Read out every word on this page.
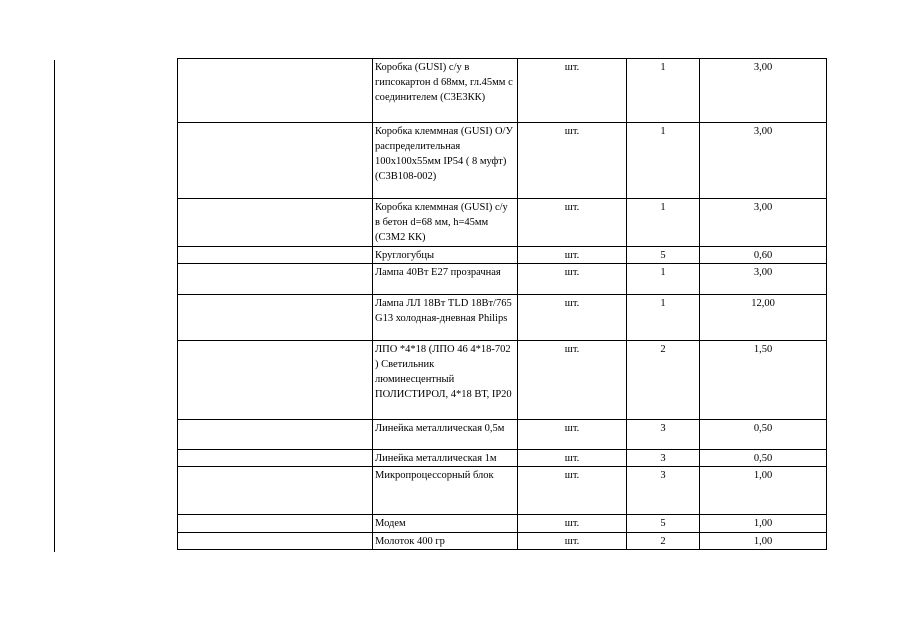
	Коробка (GUSI) с/у в гипсокартон d 68мм, гл.45мм с соединителем (С3Е3КК)	шт.	1	3,00
	Коробка клеммная (GUSI) О/У распределительная 100х100х55мм IP54 ( 8 муфт) (С3В108-002)	шт.	1	3,00
	Коробка клеммная (GUSI) с/у в бетон d=68 мм, h=45мм (С3М2 КК)	шт.	1	3,00
	Круглогубцы	шт.	5	0,60
	Лампа 40Вт Е27 прозрачная	шт.	1	3,00
	Лампа ЛЛ 18Вт TLD 18Вт/765 G13 холодная-дневная Philips	шт.	1	12,00
	ЛПО *4*18 (ЛПО 46 4*18-702 ) Светильник люминесцентный ПОЛИСТИРОЛ, 4*18 ВТ, IP20	шт.	2	1,50
	Линейка металлическая 0,5м	шт.	3	0,50
	Линейка металлическая 1м	шт.	3	0,50
	Микропроцессорный блок	шт.	3	1,00
	Модем	шт.	5	1,00
	Молоток 400 гр	шт.	2	1,00
